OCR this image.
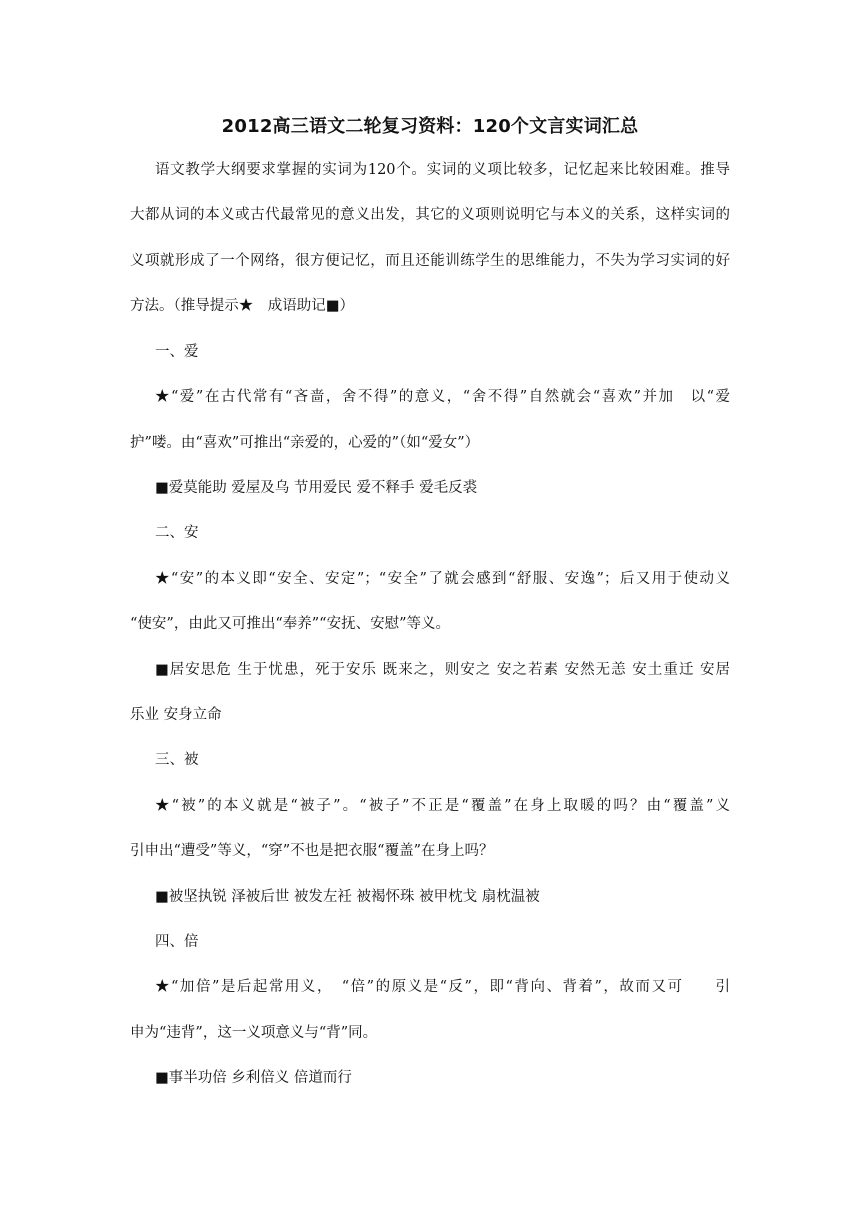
2012高三语文二轮复习资料：120个文言实词汇总

语文教学大纲要求掌握的实词为120个。实词的义项比较多，记忆起来比较困难。推导

大都从词的本义或古代最常见的意义出发，其它的义项则说明它与本义的关系，这样实词的

义项就形成了一个网络，很方便记忆，而且还能训练学生的思维能力，不失为学习实词的好

方法。（推导提示★　成语助记■）

一、爱

★“爱”在古代常有“吝啬，舍不得”的意义，“舍不得”自然就会“喜欢”并加　以“爱

护”喽。由“喜欢”可推出“亲爱的，心爱的”（如“爱女”）

■爱莫能助 爱屋及乌 节用爱民 爱不释手 爱毛反裘

二、安

★“安”的本义即“安全、安定”；“安全”了就会感到“舒服、安逸”；后又用于使动义

“使安”，由此又可推出“奉养”“安抚、安慰”等义。

■居安思危 生于忧患，死于安乐 既来之，则安之 安之若素 安然无恙 安土重迁 安居

乐业 安身立命

三、被

★“被”的本义就是“被子”。“被子”不正是“覆盖”在身上取暖的吗？由“覆盖”义

引申出“遭受”等义，“穿”不也是把衣服“覆盖”在身上吗？

■被坚执锐 泽被后世 被发左衽 被褐怀珠 被甲枕戈 扇枕温被

四、倍

★“加倍”是后起常用义，　“倍”的原义是“反”，即“背向、背着”，故而又可　　引

申为“违背”，这一义项意义与“背”同。

■事半功倍 乡利倍义 倍道而行
